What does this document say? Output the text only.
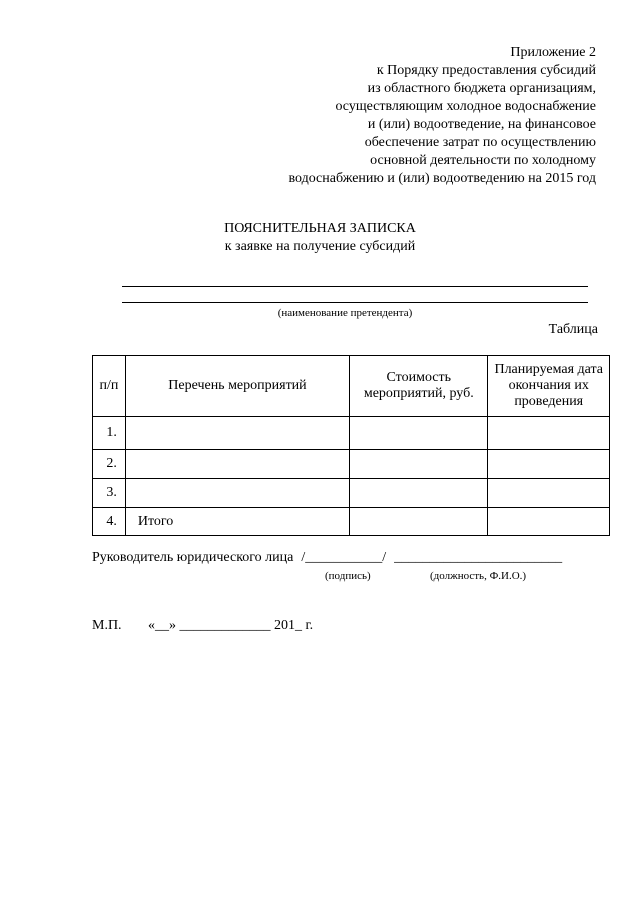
Приложение 2
к Порядку предоставления субсидий
из областного бюджета организациям,
осуществляющим холодное водоснабжение
и (или) водоотведение, на финансовое
обеспечение затрат по осуществлению
основной деятельности по холодному
водоснабжению и (или) водоотведению на 2015 год
ПОЯСНИТЕЛЬНАЯ ЗАПИСКА
к заявке на получение субсидий
(наименование претендента)
Таблица
п/п	Перечень мероприятий	Стоимость мероприятий, руб.	Планируемая дата окончания их проведения
1.			
2.			
3.			
4.	Итого		
Руководитель юридического лица /___________/ ________________________
(подпись)	(должность, Ф.И.О.)
М.П. «__» _____________ 201_ г.
